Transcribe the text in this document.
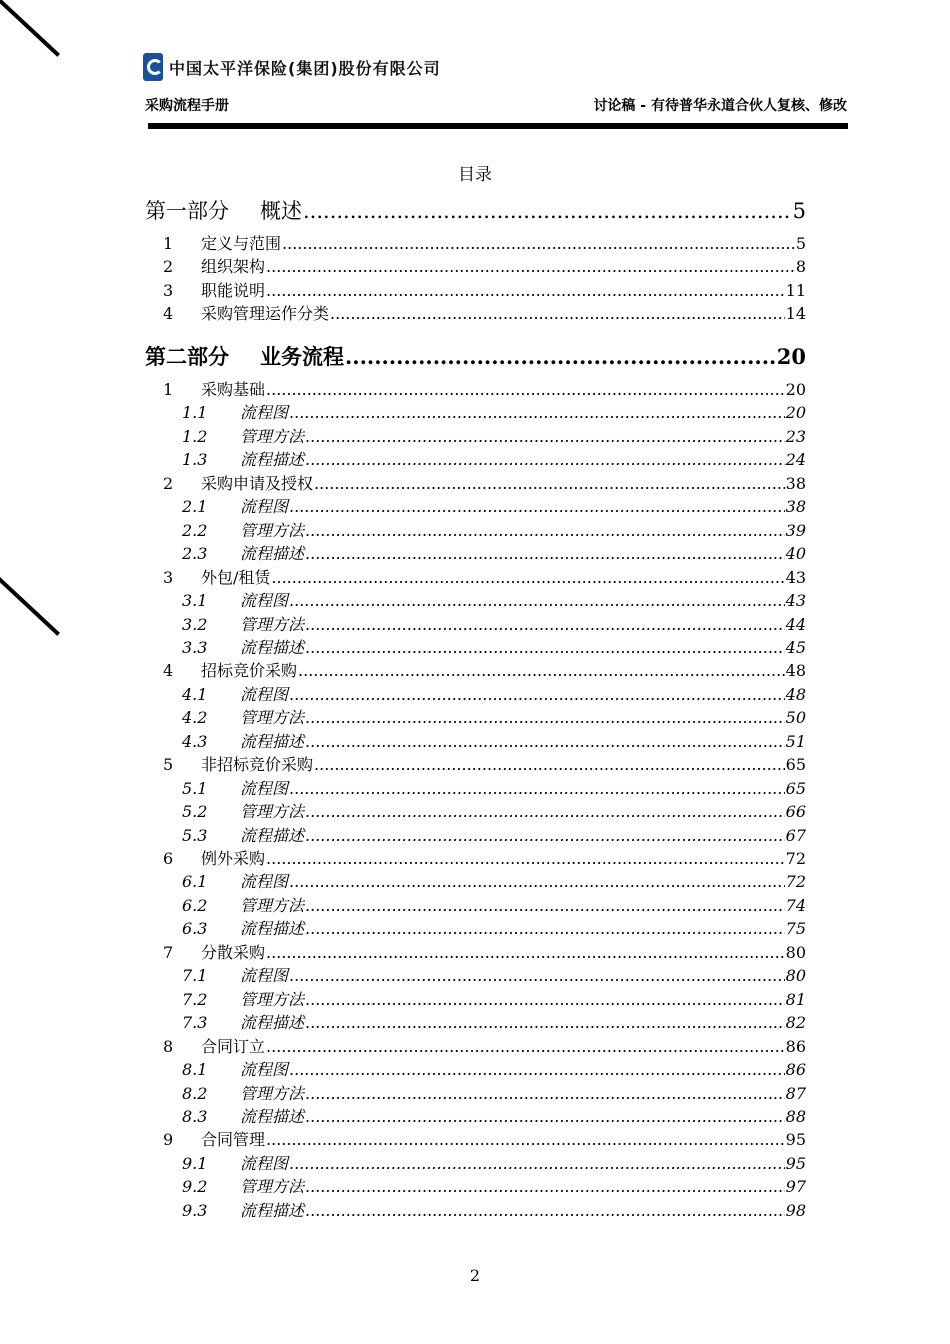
中国太平洋保险(集团)股份有限公司
采购流程手册	讨论稿 - 有待普华永道合伙人复核、修改
目录
第一部分	概述 .....	5
1	定义与范围 .....	5
2	组织架构 .....	8
3	职能说明 .....	11
4	采购管理运作分类 .....	14
第二部分	业务流程 .....	20
1	采购基础 .....	20
1.1	流程图 .....	20
1.2	管理方法 .....	23
1.3	流程描述 .....	24
2	采购申请及授权 .....	38
2.1	流程图 .....	38
2.2	管理方法 .....	39
2.3	流程描述 .....	40
3	外包/租赁 .....	43
3.1	流程图 .....	43
3.2	管理方法 .....	44
3.3	流程描述 .....	45
4	招标竞价采购 .....	48
4.1	流程图 .....	48
4.2	管理方法 .....	50
4.3	流程描述 .....	51
5	非招标竞价采购 .....	65
5.1	流程图 .....	65
5.2	管理方法 .....	66
5.3	流程描述 .....	67
6	例外采购 .....	72
6.1	流程图 .....	72
6.2	管理方法 .....	74
6.3	流程描述 .....	75
7	分散采购 .....	80
7.1	流程图 .....	80
7.2	管理方法 .....	81
7.3	流程描述 .....	82
8	合同订立 .....	86
8.1	流程图 .....	86
8.2	管理方法 .....	87
8.3	流程描述 .....	88
9	合同管理 .....	95
9.1	流程图 .....	95
9.2	管理方法 .....	97
9.3	流程描述 .....	98
2
